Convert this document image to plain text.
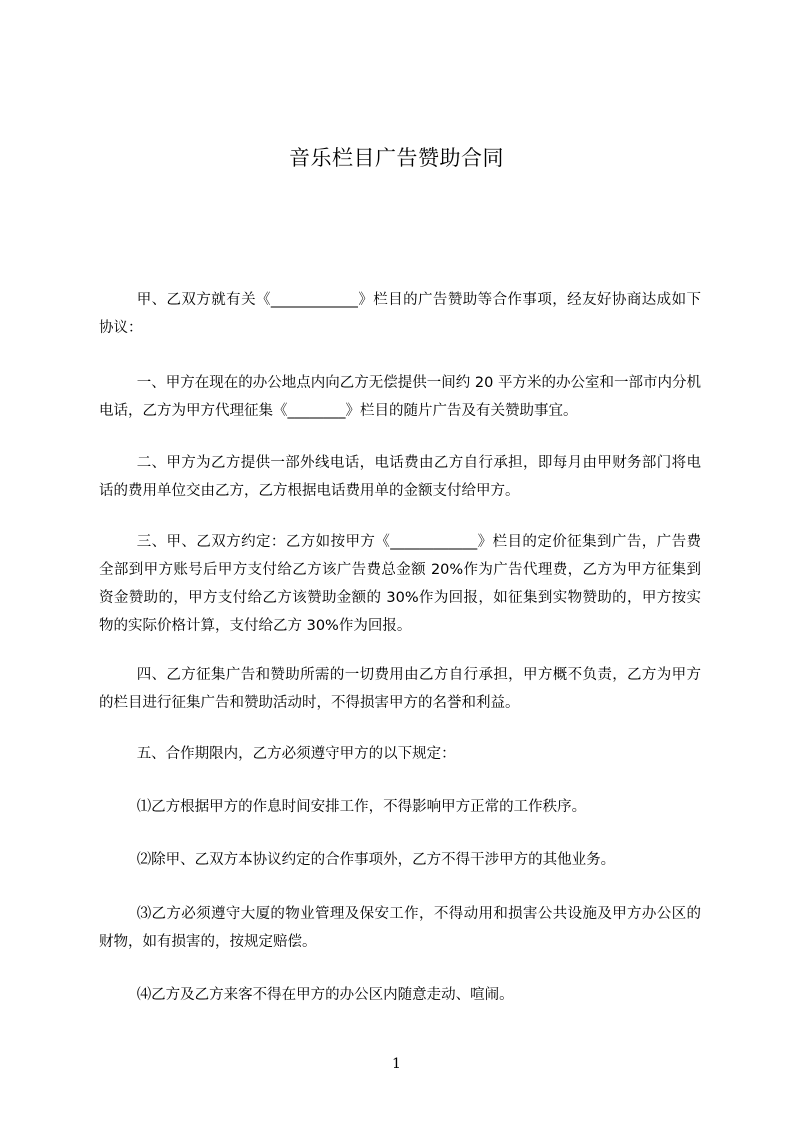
音乐栏目广告赞助合同

甲、乙双方就有关《____________》栏目的广告赞助等合作事项，经友好协商达成如下协议：

一、甲方在现在的办公地点内向乙方无偿提供一间约 20 平方米的办公室和一部市内分机电话，乙方为甲方代理征集《________》栏目的随片广告及有关赞助事宜。

二、甲方为乙方提供一部外线电话，电话费由乙方自行承担，即每月由甲财务部门将电话的费用单位交由乙方，乙方根据电话费用单的金额支付给甲方。

三、甲、乙双方约定：乙方如按甲方《____________》栏目的定价征集到广告，广告费全部到甲方账号后甲方支付给乙方该广告费总金额 20%作为广告代理费，乙方为甲方征集到资金赞助的，甲方支付给乙方该赞助金额的 30%作为回报，如征集到实物赞助的，甲方按实物的实际价格计算，支付给乙方 30%作为回报。

四、乙方征集广告和赞助所需的一切费用由乙方自行承担，甲方概不负责，乙方为甲方的栏目进行征集广告和赞助活动时，不得损害甲方的名誉和利益。

五、合作期限内，乙方必须遵守甲方的以下规定：

⑴乙方根据甲方的作息时间安排工作，不得影响甲方正常的工作秩序。

⑵除甲、乙双方本协议约定的合作事项外，乙方不得干涉甲方的其他业务。

⑶乙方必须遵守大厦的物业管理及保安工作，不得动用和损害公共设施及甲方办公区的财物，如有损害的，按规定赔偿。

⑷乙方及乙方来客不得在甲方的办公区内随意走动、喧闹。

1
